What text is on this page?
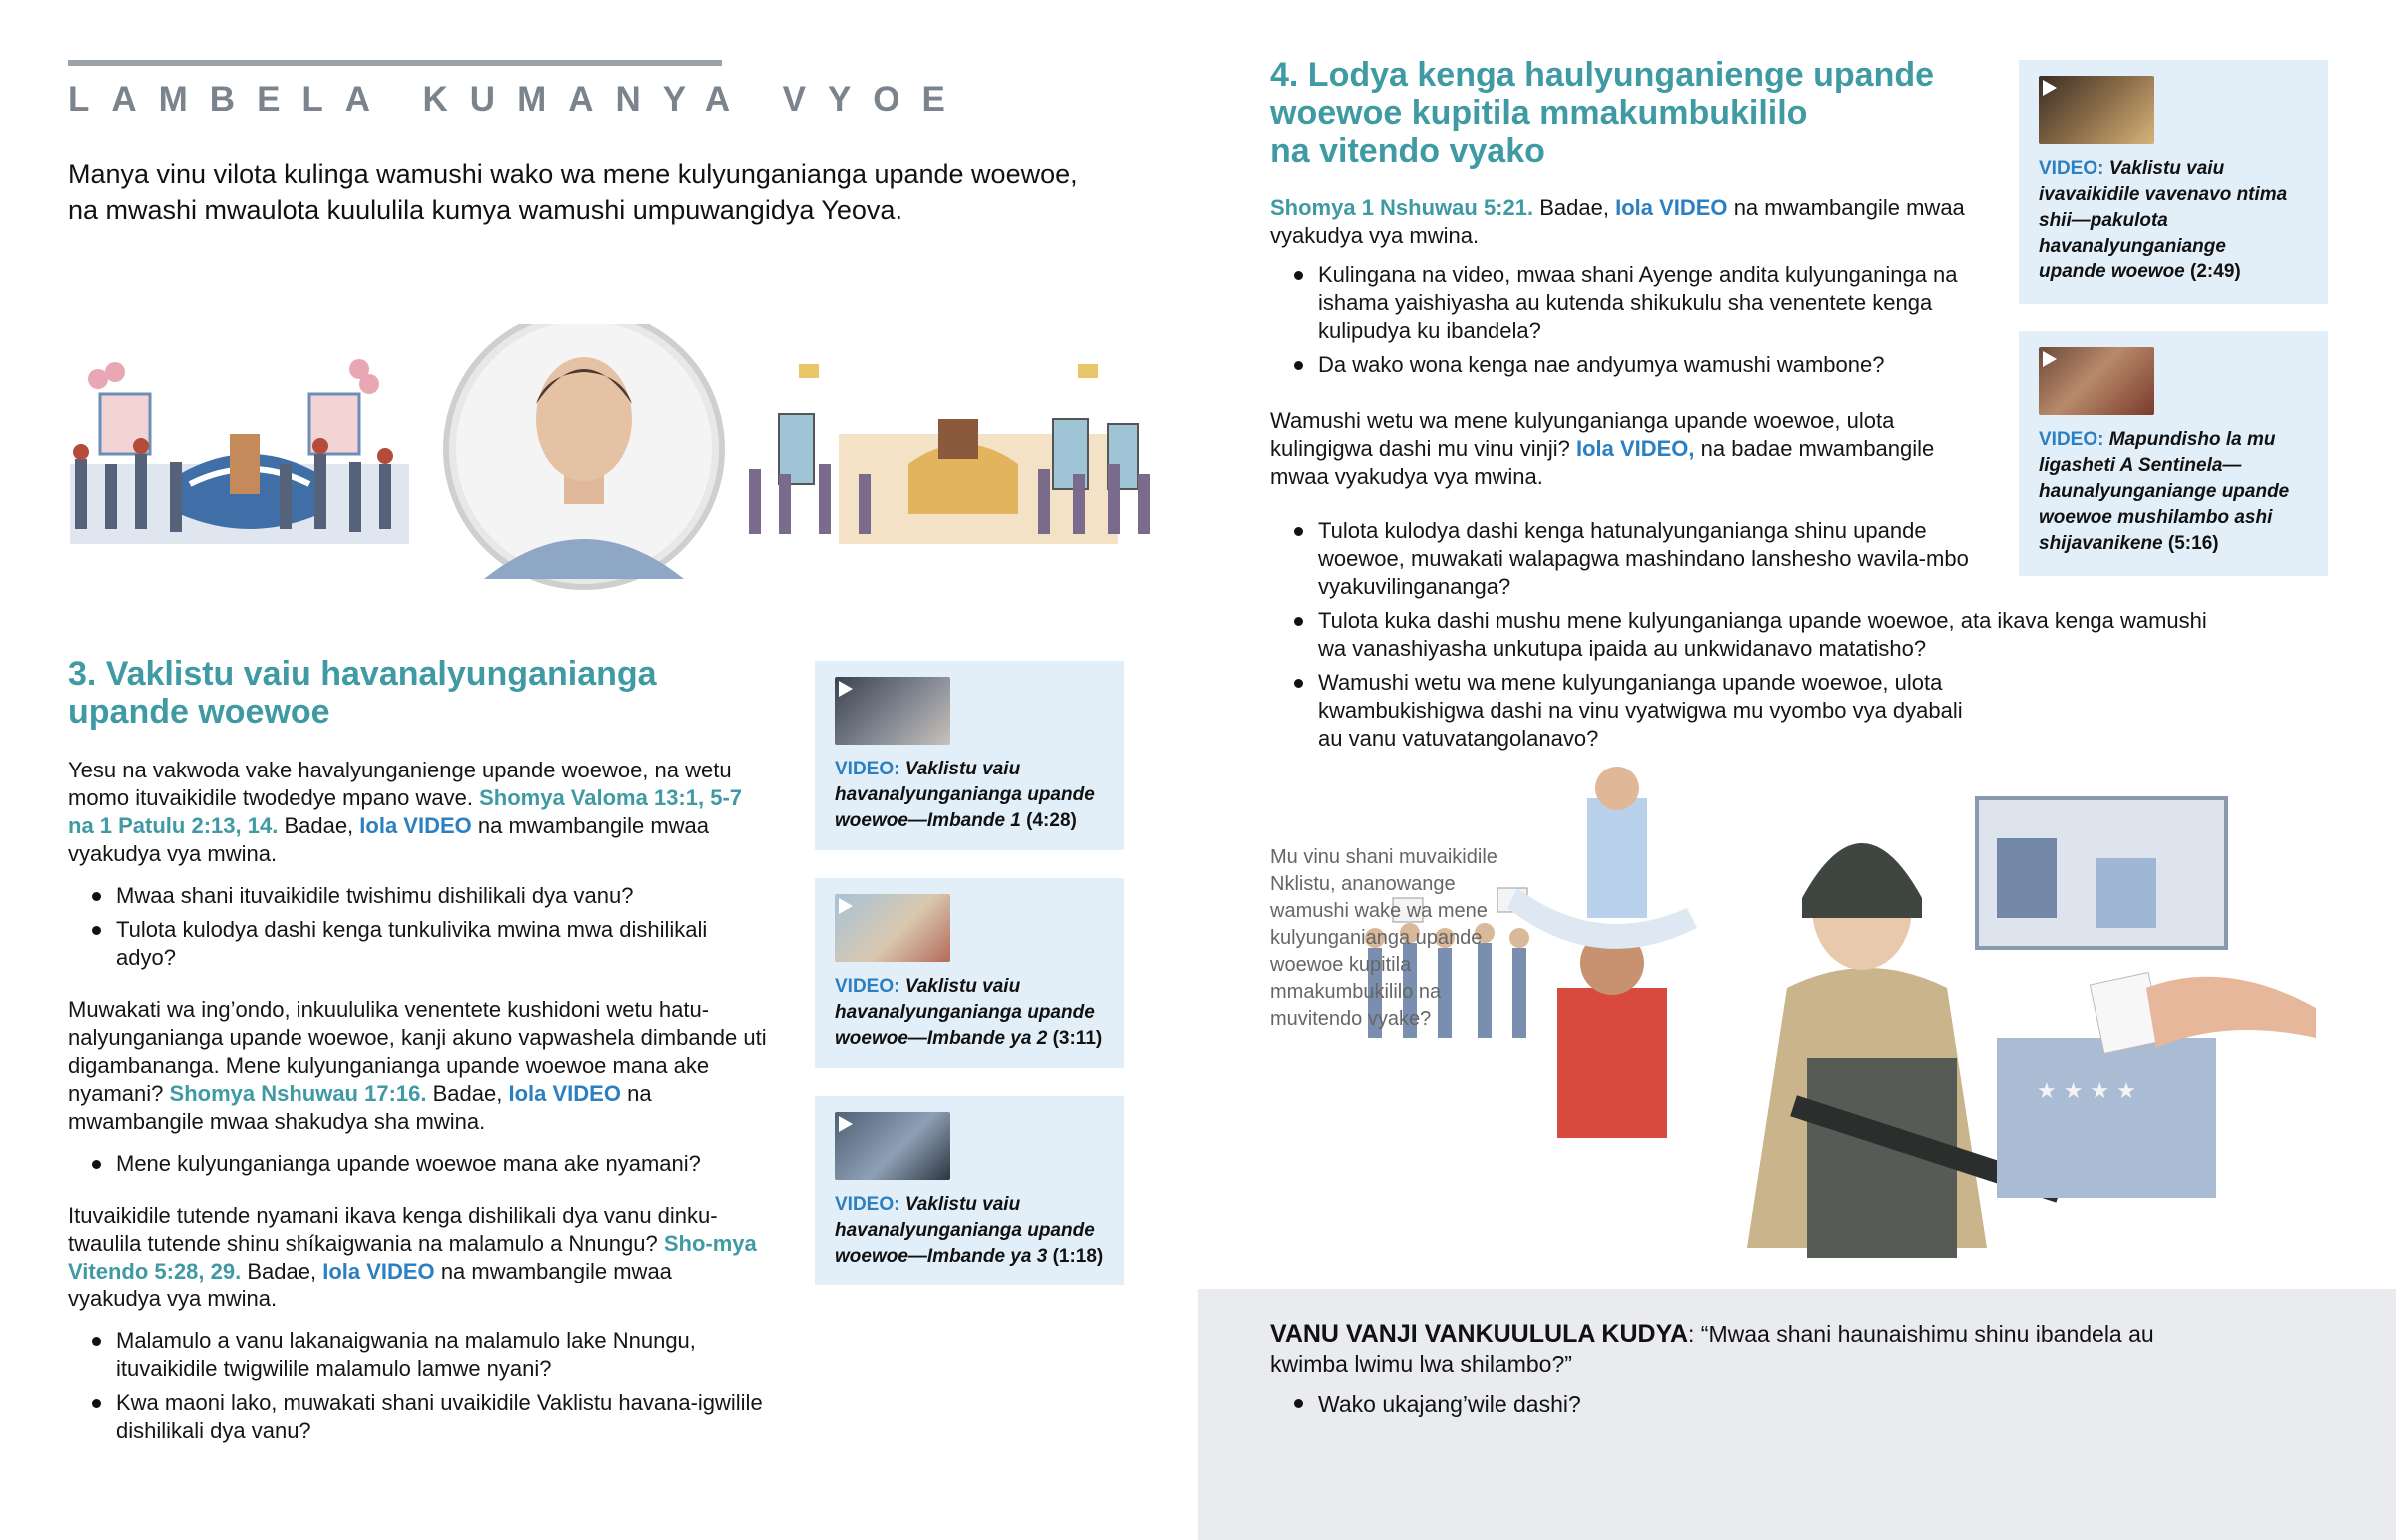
LAMBELA KUMANYA VYOE
Manya vinu vilota kulinga wamushi wako wa mene kulyunganianga upande woewoe, na mwashi mwaulota kuululila kumya wamushi umpuwangidya Yeova.
3. Vaklistu vaiu havanalyunganianga
upande woewoe

Yesu na vakwoda vake havalyunganienge upande woewoe, na wetu momo ituvaikidile twodedye mpano wave. Shomya Valoma 13:1, 5-7 na 1 Patulu 2:13, 14. Badae, Iola VIDEO na mwambangile mwaa vyakudya vya mwina.

Mwaa shani ituvaikidile twishimu dishilikali dya vanu?
Tulota kulodya dashi kenga tunkulivika mwina mwa dishilikali adyo?

Muwakati wa ing’ondo, inkuululika venentete kushidoni wetu hatu-nalyunganianga upande woewoe, kanji akuno vapwashela dimbande uti digambananga. Mene kulyunganianga upande woewoe mana ake nyamani? Shomya Nshuwau 17:16. Badae, Iola VIDEO na mwambangile mwaa shakudya sha mwina.

Mene kulyunganianga upande woewoe mana ake nyamani?

Ituvaikidile tutende nyamani ikava kenga dishilikali dya vanu dinku-twaulila tutende shinu shíkaigwania na malamulo a Nnungu? Sho-mya Vitendo 5:28, 29. Badae, Iola VIDEO na mwambangile mwaa vyakudya vya mwina.

Malamulo a vanu lakanaigwania na malamulo lake Nnungu, ituvaikidile twigwilile malamulo lamwe nyani?
Kwa maoni lako, muwakati shani uvaikidile Vaklistu havana-igwilile dishilikali dya vanu?
VIDEO: Vaklistu vaiu havanalyunganianga upande woewoe—Imbande 1 (4:28)
VIDEO: Vaklistu vaiu havanalyunganianga upande woewoe—Imbande ya 2 (3:11)
VIDEO: Vaklistu vaiu havanalyunganianga upande woewoe—Imbande ya 3 (1:18)
4. Lodya kenga haulyunganienge upande
woewoe kupitila mmakumbukililo
na vitendo vyako

Shomya 1 Nshuwau 5:21. Badae, Iola VIDEO na mwambangile mwaa vyakudya vya mwina.

Kulingana na video, mwaa shani Ayenge andita kulyunganinga na ishama yaishiyasha au kutenda shikukulu sha venentete kenga kulipudya ku ibandela?
Da wako wona kenga nae andyumya wamushi wambone?

Wamushi wetu wa mene kulyunganianga upande woewoe, ulota kulingigwa dashi mu vinu vinji? Iola VIDEO, na badae mwambangile mwaa vyakudya vya mwina.

Tulota kulodya dashi kenga hatunalyunganianga shinu upande woewoe, muwakati walapagwa mashindano lanshesho wavila-mbo vyakuvilingananga?
Tulota kuka dashi mushu mene kulyunganianga upande woewoe, ata ikava kenga wamushi wa vanashiyasha unkutupa ipaida au unkwidanavo matatisho?
Wamushi wetu wa mene kulyunganianga upande woewoe, ulota kwambukishigwa dashi na vinu vyatwigwa mu vyombo vya dyabali au vanu vatuvatangolanavo?
VIDEO: Vaklistu vaiu ivavaikidile vavenavo ntima shii—pakulota havanalyunganiange upande woewoe (2:49)
VIDEO: Mapundisho la mu ligasheti A Sentinela—haunalyunganiange upande woewoe mushilambo ashi shijavanikene (5:16)
★ ★ ★ ★
Mu vinu shani muvaikidile Nklistu, ananowange wamushi wake wa mene kulyunganianga upande woewoe kupitila mmakumbukililo na muvitendo vyake?
VANU VANJI VANKUULULA KUDYA: “Mwaa shani haunaishimu shinu ibandela au kwimba lwimu lwa shilambo?”
Wako ukajang’wile dashi?
